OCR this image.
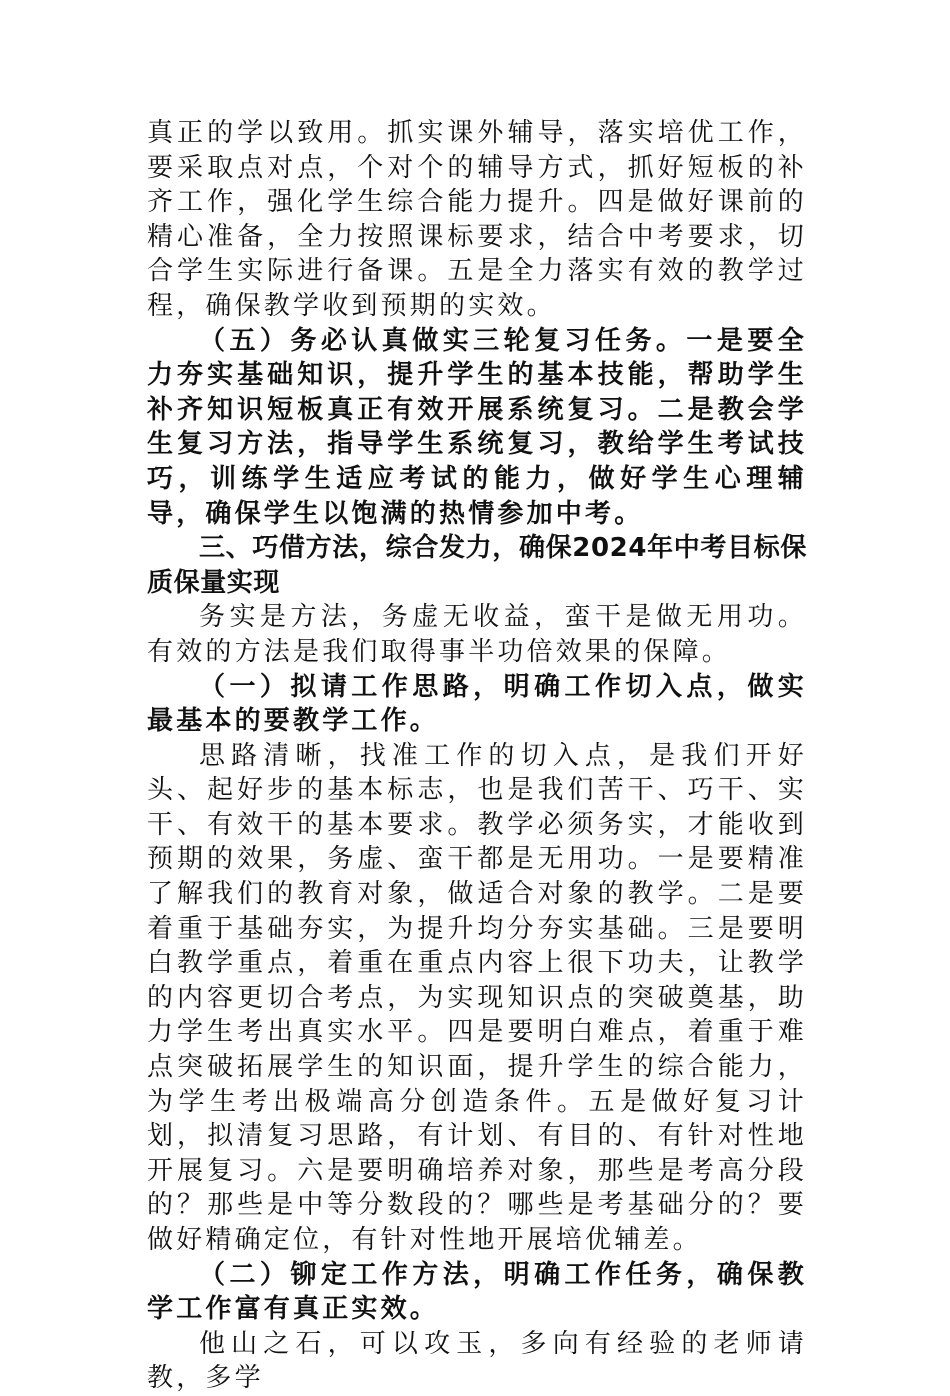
真正的学以致用。抓实课外辅导，落实培优工作，要采取点对点，个对个的辅导方式，抓好短板的补齐工作，强化学生综合能力提升。四是做好课前的精心准备，全力按照课标要求，结合中考要求，切合学生实际进行备课。五是全力落实有效的教学过程，确保教学收到预期的实效。

（五）务必认真做实三轮复习任务。一是要全力夯实基础知识，提升学生的基本技能，帮助学生补齐知识短板真正有效开展系统复习。二是教会学生复习方法，指导学生系统复习，教给学生考试技巧，训练学生适应考试的能力，做好学生心理辅导，确保学生以饱满的热情参加中考。

三、巧借方法，综合发力，确保2024年中考目标保质保量实现

务实是方法，务虚无收益，蛮干是做无用功。有效的方法是我们取得事半功倍效果的保障。

（一）拟请工作思路，明确工作切入点，做实最基本的要教学工作。

思路清晰，找准工作的切入点，是我们开好头、起好步的基本标志，也是我们苦干、巧干、实干、有效干的基本要求。教学必须务实，才能收到预期的效果，务虚、蛮干都是无用功。一是要精准了解我们的教育对象，做适合对象的教学。二是要着重于基础夯实，为提升均分夯实基础。三是要明白教学重点，着重在重点内容上很下功夫，让教学的内容更切合考点，为实现知识点的突破奠基，助力学生考出真实水平。四是要明白难点，着重于难点突破拓展学生的知识面，提升学生的综合能力，为学生考出极端高分创造条件。五是做好复习计划，拟清复习思路，有计划、有目的、有针对性地开展复习。六是要明确培养对象，那些是考高分段的？那些是中等分数段的？哪些是考基础分的？要做好精确定位，有针对性地开展培优辅差。

（二）铆定工作方法，明确工作任务，确保教学工作富有真正实效。

他山之石，可以攻玉，多向有经验的老师请教，多学
